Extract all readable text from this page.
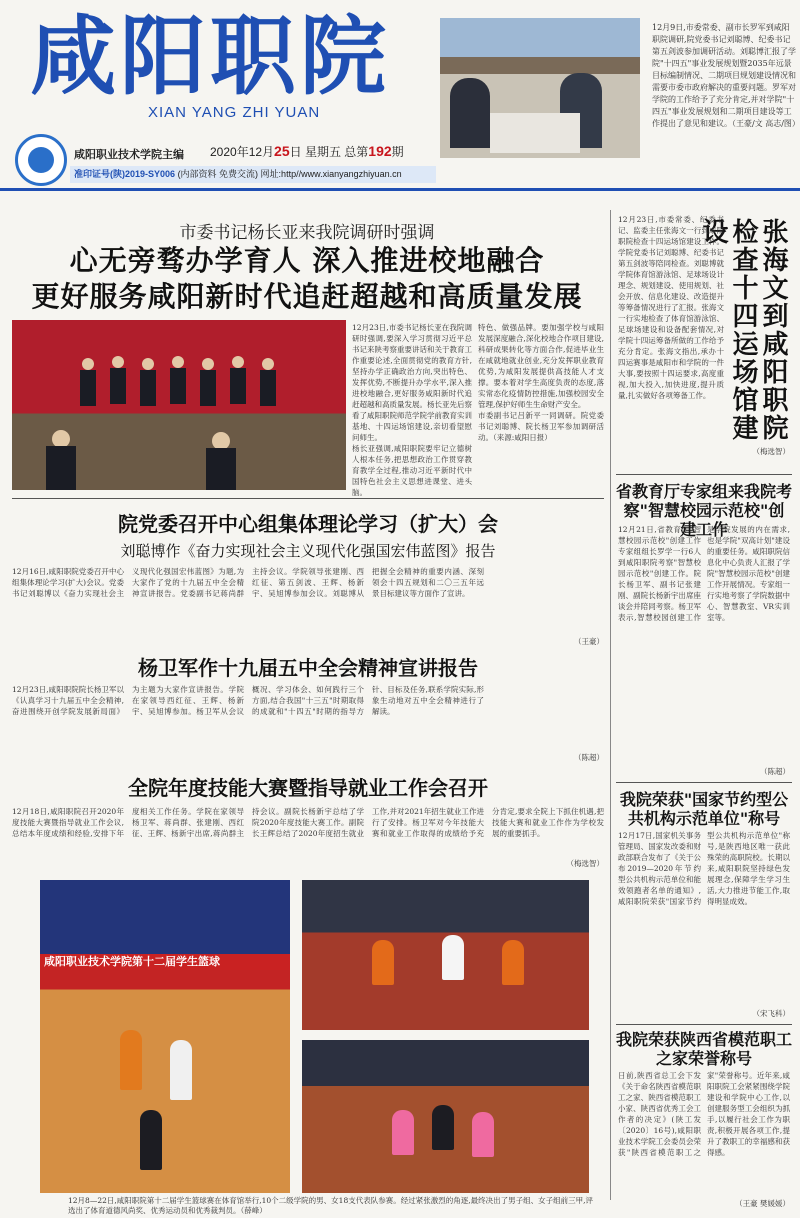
咸阳职院
XIAN YANG ZHI YUAN
咸阳职业技术学院主编 2020年12月25日 星期五 总第192期
准印证号(陕)2019-SY006 (内部资料 免费交流) 网址:http//www.xianyangzhiyuan.cn
12月9日,市委常委、副市长罗军到咸阳职院调研,院党委书记刘聪博、纪委书记第五剑波参加调研活动。刘聪博汇报了学院"十四五"事业发展规划暨2035年远景目标编制情况、二期项目规划建设情况和需要市委市政府解决的重要问题。罗军对学院的工作给予了充分肯定,并对学院"十四五"事业发展规划和二期项目建设等工作提出了意见和建议。（王豪/文 高志/图）
市委书记杨长亚来我院调研时强调
心无旁骛办学育人 深入推进校地融合
更好服务咸阳新时代追赶超越和高质量发展

12月23日,市委书记杨长亚在我院调研时强调,要深入学习贯彻习近平总书记来陕考察重要讲话和关于教育工作重要论述,全面贯彻党的教育方针,坚持办学正确政治方向,突出特色、发挥优势,不断提升办学水平,深入推进校地融合,更好服务咸阳新时代追赶超越和高质量发展。杨长亚先后察看了咸阳职院师范学院学前教育实训基地、十四运场馆建设,亲切看望慰问师生。

杨长亚强调,咸阳职院要牢记立德树人根本任务,把思想政治工作贯穿教育教学全过程,推动习近平新时代中国特色社会主义思想进课堂、进头脑。

特色、做强品牌。要加强学校与咸阳发展深度融合,深化校地合作项目建设,科研成果转化等方面合作,促进毕业生在咸就地就业创业,充分发挥职业教育优势,为咸阳发展提供高技能人才支撑。要本着对学生高度负责的态度,落实常态化疫情防控措施,加强校园安全管理,保护好师生生命财产安全。

市委副书记吕新平一同调研。院党委书记刘聪博、院长杨卫军参加调研活动。（来源:咸阳日报）	张海文到咸阳职院检查十四运场馆建设
12月23日,市委常委、纪委书记、监委主任张海文一行到咸阳职院检查十四运场馆建设工作。学院党委书记刘聪博、纪委书记第五剑波等陪同检查。刘聪博就学院体育馆游泳馆、足球场设计理念、规划建设、使用规划、社会开放、信息化建设、改造提升等筹备情况进行了汇报。张海文一行实地检查了体育馆游泳馆、足球场建设和设备配套情况,对学院十四运筹备所做的工作给予充分肯定。张海文指出,承办十四运赛事是咸阳市和学院的一件大事,要按照十四运要求,高度重视,加大投入,加快进度,提升质量,扎实做好各项筹备工作。
（梅选智）
院党委召开中心组集体理论学习（扩大）会
刘聪博作《奋力实现社会主义现代化强国宏伟蓝图》报告
12月16日,咸阳职院党委召开中心组集体理论学习(扩大)会议。党委书记刘聪博以《奋力实现社会主义现代化强国宏伟蓝图》为题,为大家作了党的十九届五中全会精神宣讲报告。党委副书记蒋尚群主持会议。学院领导张建刚、西红征、第五剑波、王辉、杨新宇、吴旭博参加会议。刘聪博从把握全会精神的重要内涵、深刻领会十四五规划和二〇三五年远景目标建议等方面作了宣讲。
（王豪）
杨卫军作十九届五中全会精神宣讲报告
12月23日,咸阳职院院长杨卫军以《认真学习十九届五中全会精神,奋进围绕开创学院发展新局面》为主题为大家作宣讲报告。学院在家领导西红征、王辉、杨新宇、吴旭博参加。杨卫军从会议概况、学习体会、如何践行三个方面,结合我国"十三五"时期取得的成就和"十四五"时期的指导方针、目标及任务,联系学院实际,形象生动地对五中全会精神进行了解读。
（陈超）
全院年度技能大赛暨指导就业工作会召开
12月18日,咸阳职院召开2020年度技能大赛暨指导就业工作会议,总结本年度成绩和经验,安排下年度相关工作任务。学院在家领导杨卫军、蒋尚群、张建刚、西红征、王辉、杨新宇出席,蒋尚群主持会议。副院长杨新宇总结了学院2020年度技能大赛工作。副院长王辉总结了2020年度招生就业工作,并对2021年招生就业工作进行了安排。杨卫军对今年技能大赛和就业工作取得的成绩给予充分肯定,要求全院上下抓住机遇,把技能大赛和就业工作作为学校发展的重要抓手。
（梅选智）
咸阳职业技术学院第十二届学生篮球
12月8—22日,咸阳职院第十二届学生篮球赛在体育馆举行,10个二级学院的男、女18支代表队参赛。经过紧张激烈的角逐,最终决出了男子组、女子组前三甲,评选出了体育道德风尚奖、优秀运动员和优秀裁判员。（薛峰）
省教育厅专家组来我院考察"智慧校园示范校"创建工作
12月21日,省教育厅"智慧校园示范校"创建工作专家组组长罗学一行6人到咸阳职院考察"智慧校园示范校"创建工作。院长杨卫军、副书记张建刚、副院长杨新宇出席座谈会并陪同考察。杨卫军表示,智慧校园创建工作是学院发展的内在需求,也是学院"双高计划"建设的重要任务。咸阳职院信息化中心负责人汇报了学院"智慧校园示范校"创建工作开展情况。专家组一行实地考察了学院数据中心、智慧教室、VR实训室等。
（陈超）
我院荣获"国家节约型公共机构示范单位"称号
12月17日,国家机关事务管理局、国家发改委和财政部联合发布了《关于公布2019—2020年节约型公共机构示范单位和能效领跑者名单的通知》,咸阳职院荣获"国家节约型公共机构示范单位"称号,是陕西地区唯一获此殊荣的高职院校。长期以来,咸阳职院坚持绿色发展理念,保障学生学习生活,大力推进节能工作,取得明显成效。
（宋飞科）
我院荣获陕西省模范职工之家荣誉称号
日前,陕西省总工会下发《关于命名陕西省模范职工之家、陕西省模范职工小家、陕西省优秀工会工作者的决定》(陕工发〔2020〕16号),咸阳职业技术学院工会委员会荣获"陕西省模范职工之家"荣誉称号。近年来,咸阳职院工会紧紧围绕学院建设和学院中心工作,以创建服务型工会组织为抓手,以履行社会工作为职责,积极开展各项工作,提升了教职工的幸福感和获得感。
（王豪 樊媛媛）
